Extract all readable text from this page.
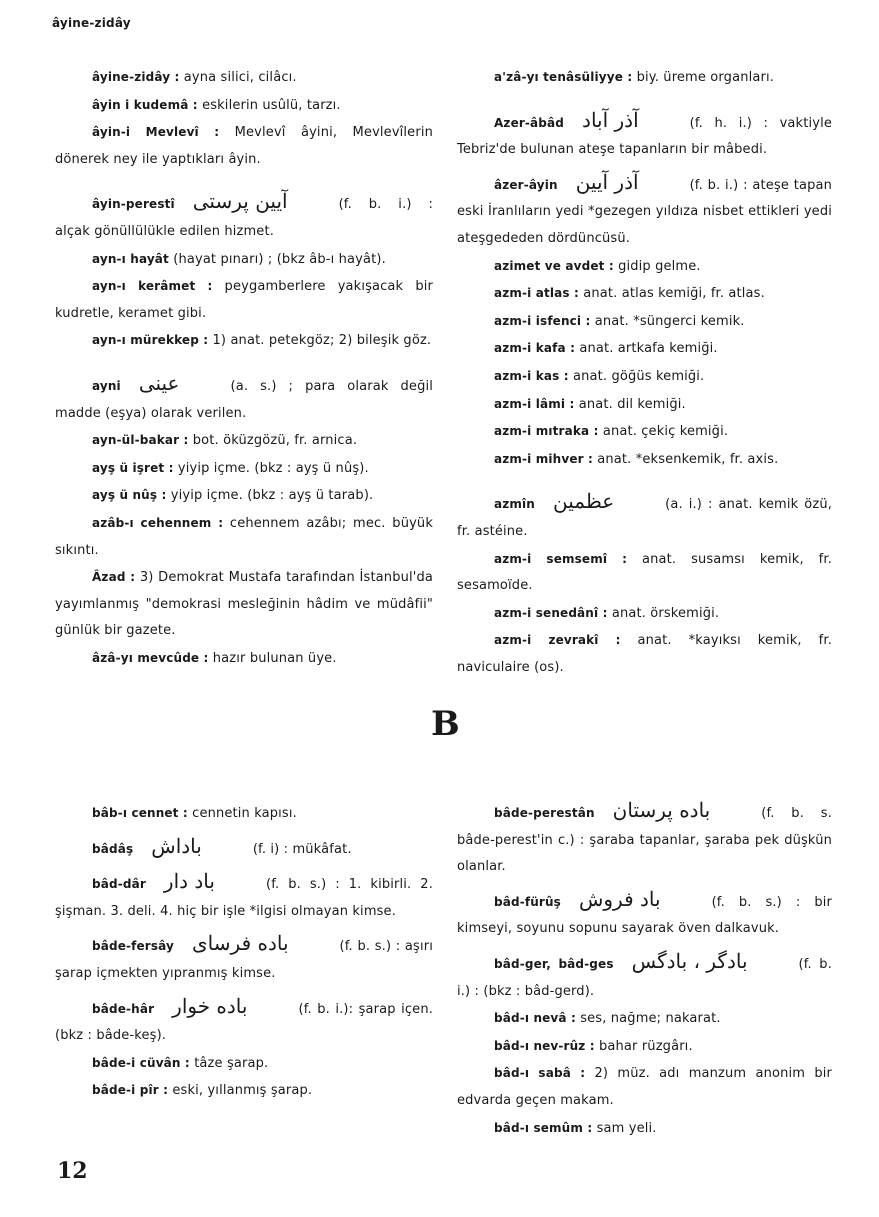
âyine-zidây

âyine-zidây : ayna silici, cilâcı.

âyin i kudemâ : eskilerin usûlü, tarzı.

âyin-i Mevlevî : Mevlevî âyini, Mevlevîlerin dönerek ney ile yaptıkları âyin.

âyin-perestî آیین پرستی	(f. b. i.) : alçak gönüllülükle edilen hizmet.

ayn-ı hayât (hayat pınarı) ; (bkz âb-ı hayât).

ayn-ı kerâmet : peygamberlere yakışacak bir kudretle, keramet gibi.

ayn-ı mürekkep : 1) anat. petekgöz; 2) bileşik göz.

ayni عینی	(a. s.) ; para olarak değil madde (eşya) olarak verilen.

ayn-ül-bakar : bot. öküzgözü, fr. arnica.

ayş ü işret : yiyip içme. (bkz : ayş ü nûş).

ayş ü nûş : yiyip içme. (bkz : ayş ü tarab).

azâb-ı cehennem : cehennem azâbı; mec. büyük sıkıntı.

Âzad : 3) Demokrat Mustafa tarafından İstanbul'da yayımlanmış "demokrasi mesleğinin hâdim ve müdâfii" günlük bir gazete.

âzâ-yı mevcûde : hazır bulunan üye.

a'zâ-yı tenâsüliyye : biy. üreme organları.

Azer-âbâd آذر آباد	(f. h. i.) : vaktiyle Tebriz'de bulunan ateşe tapanların bir mâbedi.

âzer-âyin آذر آیین	(f. b. i.) : ateşe tapan eski İranlıların yedi *gezegen yıldıza nisbet ettikleri yedi ateşgededen dördüncüsü.

azimet ve avdet : gidip gelme.

azm-i atlas : anat. atlas kemiği, fr. atlas.

azm-i isfenci : anat. *süngerci kemik.

azm-i kafa : anat. artkafa kemiği.

azm-i kas : anat. göğüs kemiği.

azm-i lâmi : anat. dil kemiği.

azm-i mıtraka : anat. çekiç kemiği.

azm-i mihver : anat. *eksenkemik, fr. axis.

azmîn عظمین	(a. i.) : anat. kemik özü, fr. astéine.

azm-i semsemî : anat. susamsı kemik, fr. sesamoïde.

azm-i senedânî : anat. örskemiği.

azm-i zevrakî : anat. *kayıksı kemik, fr. naviculaire (os).

B

bâb-ı cennet : cennetin kapısı.

bâdâş باداش	(f. i) : mükâfat.

bâd-dâr باد دار	(f. b. s.) : 1. kibirli. 2. şişman. 3. deli. 4. hiç bir işle *ilgisi olmayan kimse.

bâde-fersây باده فرسای	(f. b. s.) : aşırı şarap içmekten yıpranmış kimse.

bâde-hâr باده خوار	(f. b. i.): şarap içen. (bkz : bâde-keş).

bâde-i cüvân : tâze şarap.

bâde-i pîr : eski, yıllanmış şarap.

bâde-perestân باده پرستان	(f. b. s. bâde-perest'in c.) : şaraba tapanlar, şaraba pek düşkün olanlar.

bâd-fürûş باد فروش	(f. b. s.) : bir kimseyi, soyunu sopunu sayarak öven dalkavuk.

bâd-ger, bâd-ges بادگر ، بادگس	(f. b. i.) : (bkz : bâd-gerd).

bâd-ı nevâ : ses, nağme; nakarat.

bâd-ı nev-rûz : bahar rüzgârı.

bâd-ı sabâ : 2) müz. adı manzum anonim bir edvarda geçen makam.

bâd-ı semûm : sam yeli.

12
